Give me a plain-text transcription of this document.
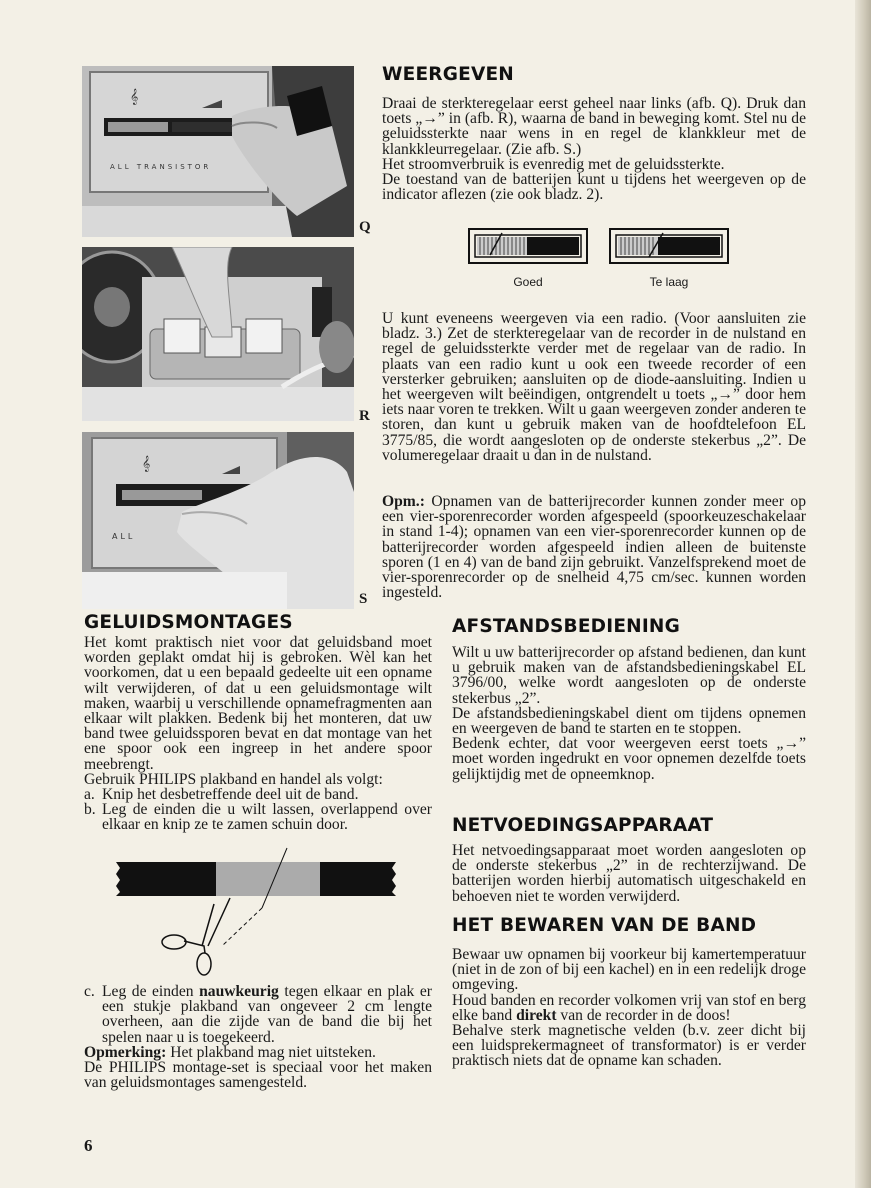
𝄞
ALL TRANSISTOR
Q
R
𝄞
ALL
S
WEERGEVEN

Draai de sterkteregelaar eerst geheel naar links (afb. Q). Druk dan toets „→” in (afb. R), waarna de band in beweging komt. Stel nu de geluidssterkte naar wens in en regel de klankkleur met de klankkleurregelaar. (Zie afb. S.)

Het stroomverbruik is evenredig met de geluidssterkte.

De toestand van de batterijen kunt u tijdens het weergeven op de indicator aflezen (zie ook bladz. 2).

Goed	Te laag

U kunt eveneens weergeven via een radio. (Voor aansluiten zie bladz. 3.) Zet de sterkteregelaar van de recorder in de nulstand en regel de geluidssterkte verder met de regelaar van de radio. In plaats van een radio kunt u ook een tweede recorder of een versterker gebruiken; aansluiten op de diode-aansluiting. Indien u het weergeven wilt beëindigen, ontgrendelt u toets „→” door hem iets naar voren te trekken. Wilt u gaan weergeven zonder anderen te storen, dan kunt u gebruik maken van de hoofdtelefoon EL 3775/85, die wordt aangesloten op de onderste stekerbus „2”. De volumeregelaar draait u dan in de nulstand.

Opm.: Opnamen van de batterijrecorder kunnen zonder meer op een vier-sporenrecorder worden afgespeeld (spoorkeuzeschakelaar in stand 1-4); opnamen van een vier-sporenrecorder kunnen op de batterijrecorder worden afgespeeld indien alleen de buitenste sporen (1 en 4) van de band zijn gebruikt. Vanzelfsprekend moet de vier-sporenrecorder op de snelheid 4,75 cm/sec. kunnen worden ingesteld.

GELUIDSMONTAGES

Het komt praktisch niet voor dat geluidsband moet worden geplakt omdat hij is gebroken. Wèl kan het voorkomen, dat u een bepaald gedeelte uit een opname wilt verwijderen, of dat u een geluidsmontage wilt maken, waarbij u verschillende opnamefragmenten aan elkaar wilt plakken. Bedenk bij het monteren, dat uw band twee geluidssporen bevat en dat montage van het ene spoor ook een ingreep in het andere spoor meebrengt.

Gebruik PHILIPS plakband en handel als volgt:

a. Knip het desbetreffende deel uit de band.
b. Leg de einden die u wilt lassen, overlappend over elkaar en knip ze te zamen schuin door.
c. Leg de einden nauwkeurig tegen elkaar en plak er een stukje plakband van ongeveer 2 cm lengte overheen, aan die zijde van de band die bij het spelen naar u is toegekeerd.

Opmerking: Het plakband mag niet uitsteken.

De PHILIPS montage-set is speciaal voor het maken van geluidsmontages samengesteld.

AFSTANDSBEDIENING

Wilt u uw batterijrecorder op afstand bedienen, dan kunt u gebruik maken van de afstandsbedieningskabel EL 3796/00, welke wordt aangesloten op de onderste stekerbus „2”.

De afstandsbedieningskabel dient om tijdens opnemen en weergeven de band te starten en te stoppen.

Bedenk echter, dat voor weergeven eerst toets „→” moet worden ingedrukt en voor opnemen dezelfde toets gelijktijdig met de opneemknop.

NETVOEDINGSAPPARAAT

Het netvoedingsapparaat moet worden aangesloten op de onderste stekerbus „2” in de rechterzijwand. De batterijen worden hierbij automatisch uitgeschakeld en behoeven niet te worden verwijderd.

HET BEWAREN VAN DE BAND

Bewaar uw opnamen bij voorkeur bij kamertemperatuur (niet in de zon of bij een kachel) en in een redelijk droge omgeving.

Houd banden en recorder volkomen vrij van stof en berg elke band direkt van de recorder in de doos!

Behalve sterk magnetische velden (b.v. zeer dicht bij een luidsprekermagneet of transformator) is er verder praktisch niets dat de opname kan schaden.

6
